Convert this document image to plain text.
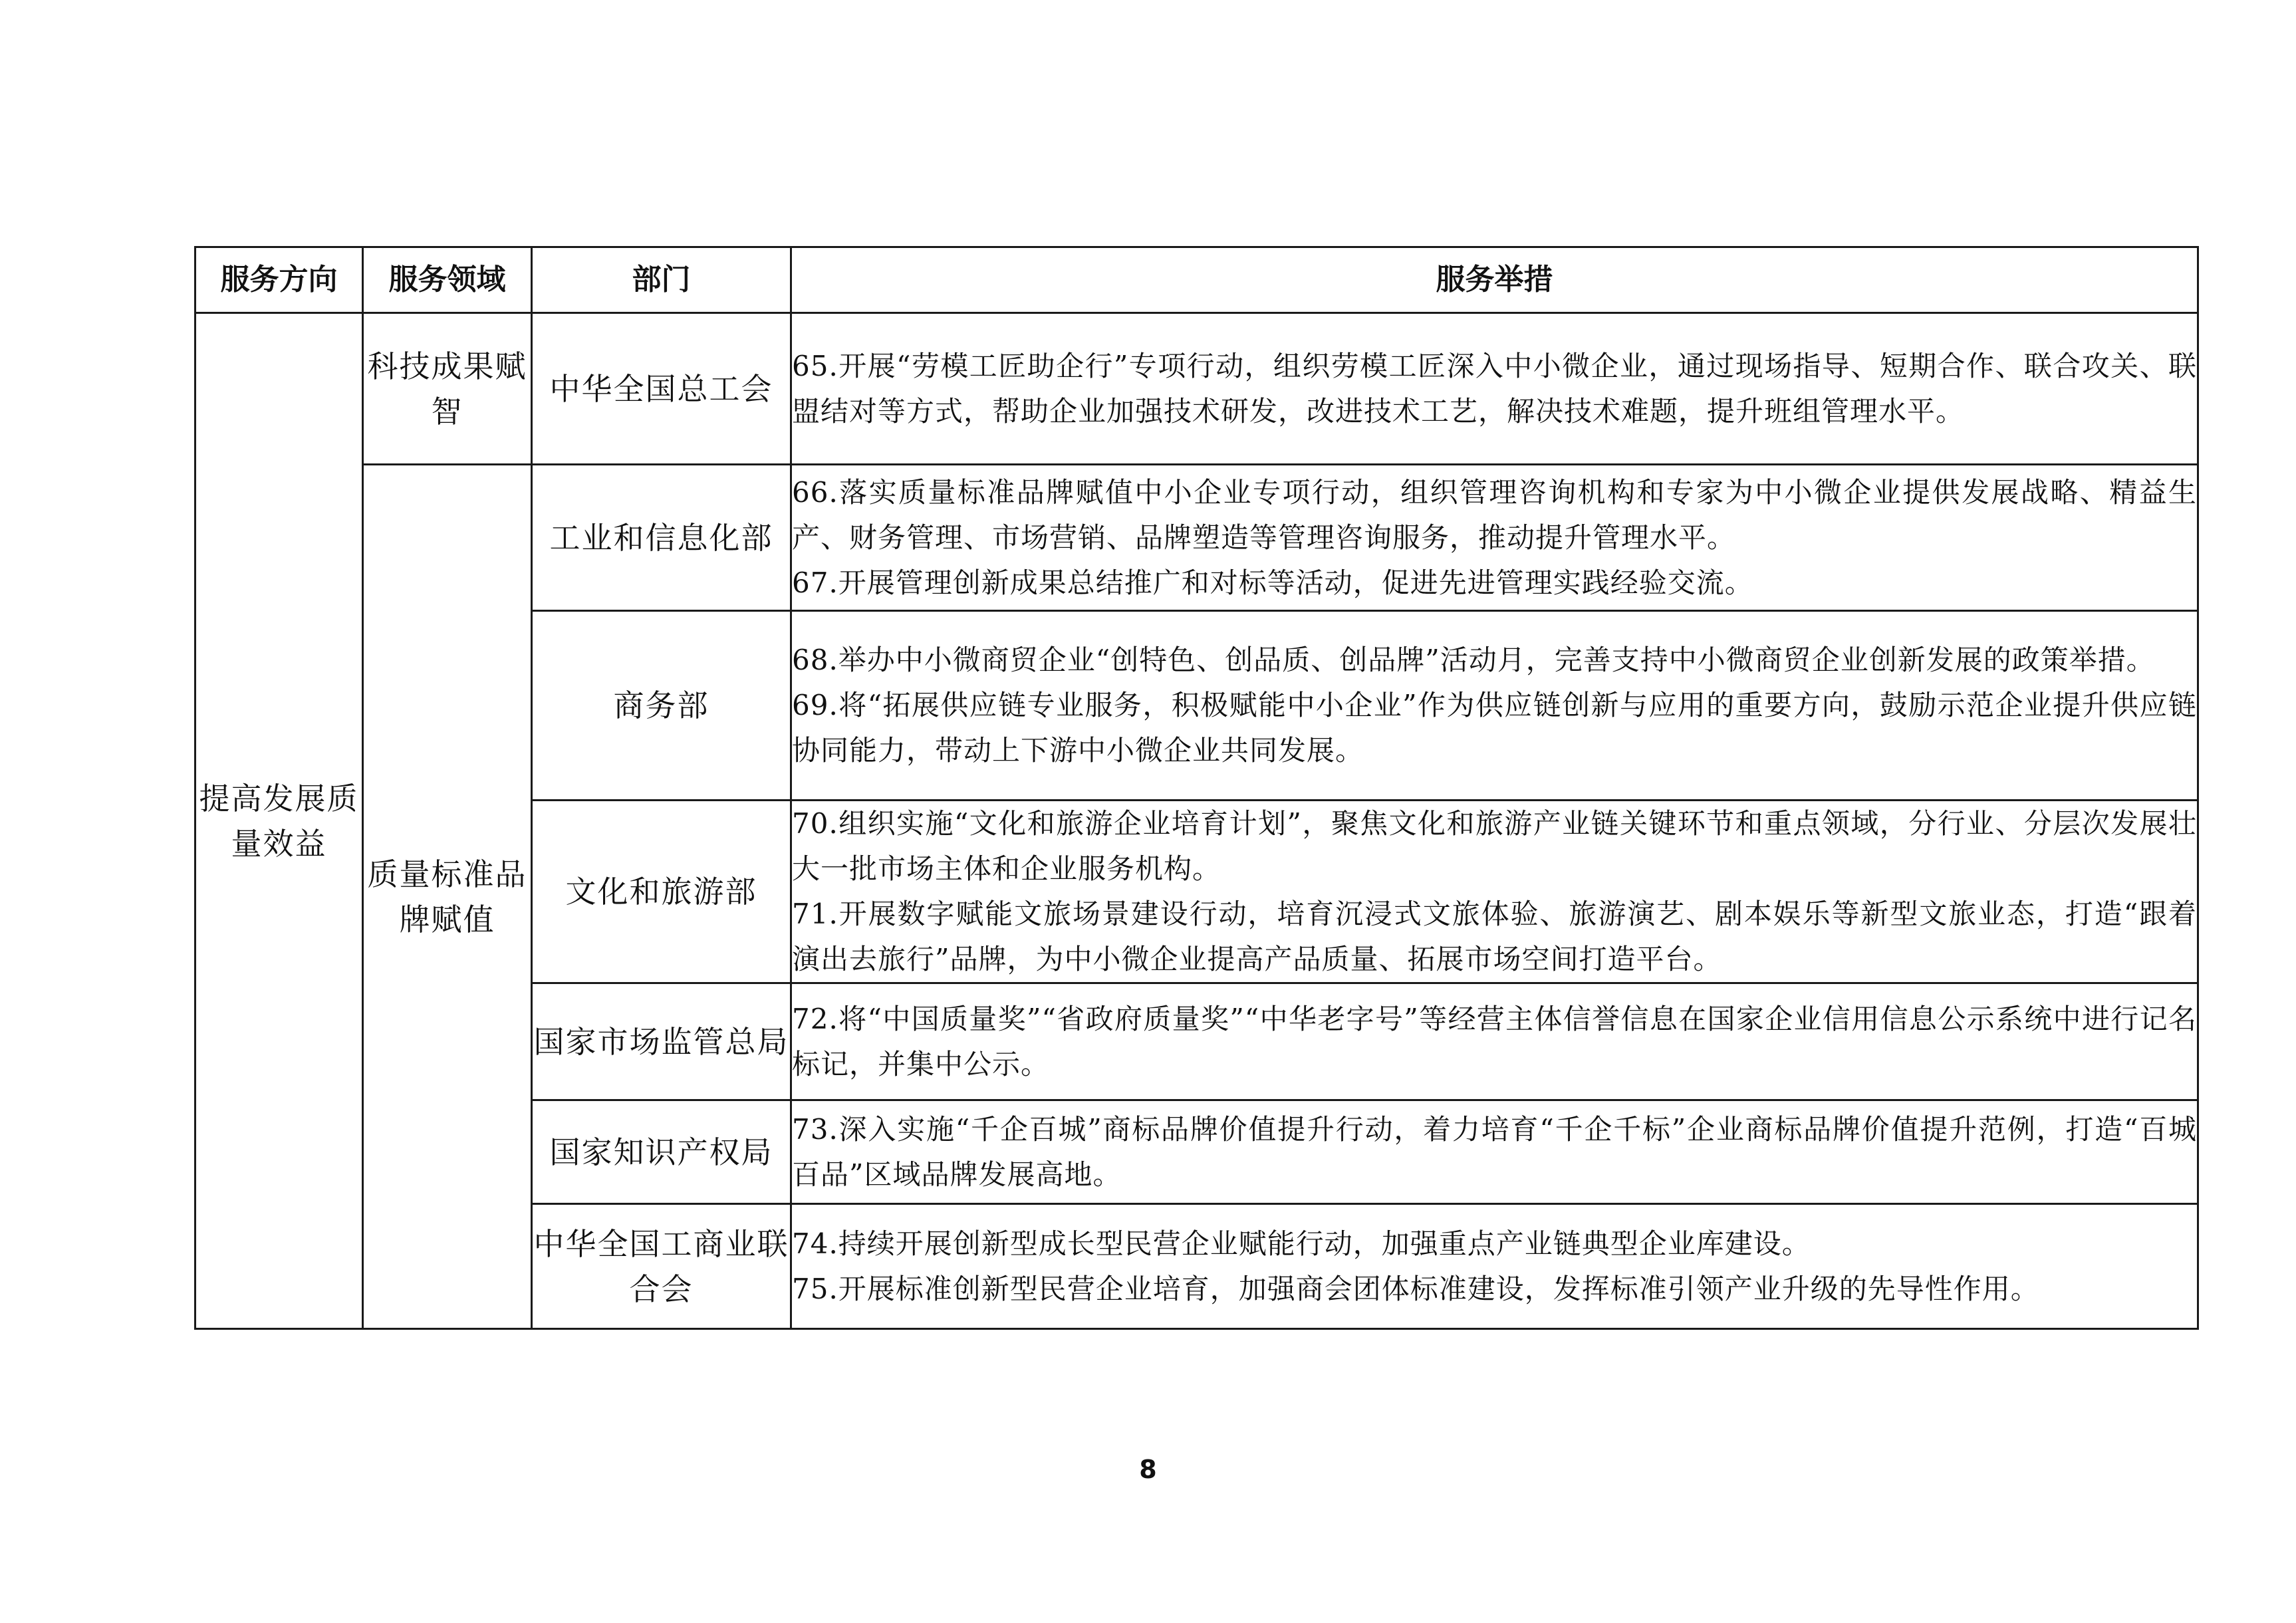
服务方向	服务领域	部门	服务举措
提高发展质量效益	科技成果赋智	中华全国总工会	65.开展“劳模工匠助企行”专项行动，组织劳模工匠深入中小微企业，通过现场指导、短期合作、联合攻关、联盟结对等方式，帮助企业加强技术研发，改进技术工艺，解决技术难题，提升班组管理水平。

	质量标准品牌赋值	工业和信息化部	66.落实质量标准品牌赋值中小企业专项行动，组织管理咨询机构和专家为中小微企业提供发展战略、精益生产、财务管理、市场营销、品牌塑造等管理咨询服务，推动提升管理水平。
67.开展管理创新成果总结推广和对标等活动，促进先进管理实践经验交流。

		商务部	68.举办中小微商贸企业“创特色、创品质、创品牌”活动月，完善支持中小微商贸企业创新发展的政策举措。
69.将“拓展供应链专业服务，积极赋能中小企业”作为供应链创新与应用的重要方向，鼓励示范企业提升供应链协同能力，带动上下游中小微企业共同发展。

		文化和旅游部	70.组织实施“文化和旅游企业培育计划”，聚焦文化和旅游产业链关键环节和重点领域，分行业、分层次发展壮大一批市场主体和企业服务机构。
71.开展数字赋能文旅场景建设行动，培育沉浸式文旅体验、旅游演艺、剧本娱乐等新型文旅业态，打造“跟着演出去旅行”品牌，为中小微企业提高产品质量、拓展市场空间打造平台。

		国家市场监管总局	72.将“中国质量奖”“省政府质量奖”“中华老字号”等经营主体信誉信息在国家企业信用信息公示系统中进行记名标记，并集中公示。

		国家知识产权局	73.深入实施“千企百城”商标品牌价值提升行动，着力培育“千企千标”企业商标品牌价值提升范例，打造“百城百品”区域品牌发展高地。

		中华全国工商业联合会	74.持续开展创新型成长型民营企业赋能行动，加强重点产业链典型企业库建设。
75.开展标准创新型民营企业培育，加强商会团体标准建设，发挥标准引领产业升级的先导性作用。
8
